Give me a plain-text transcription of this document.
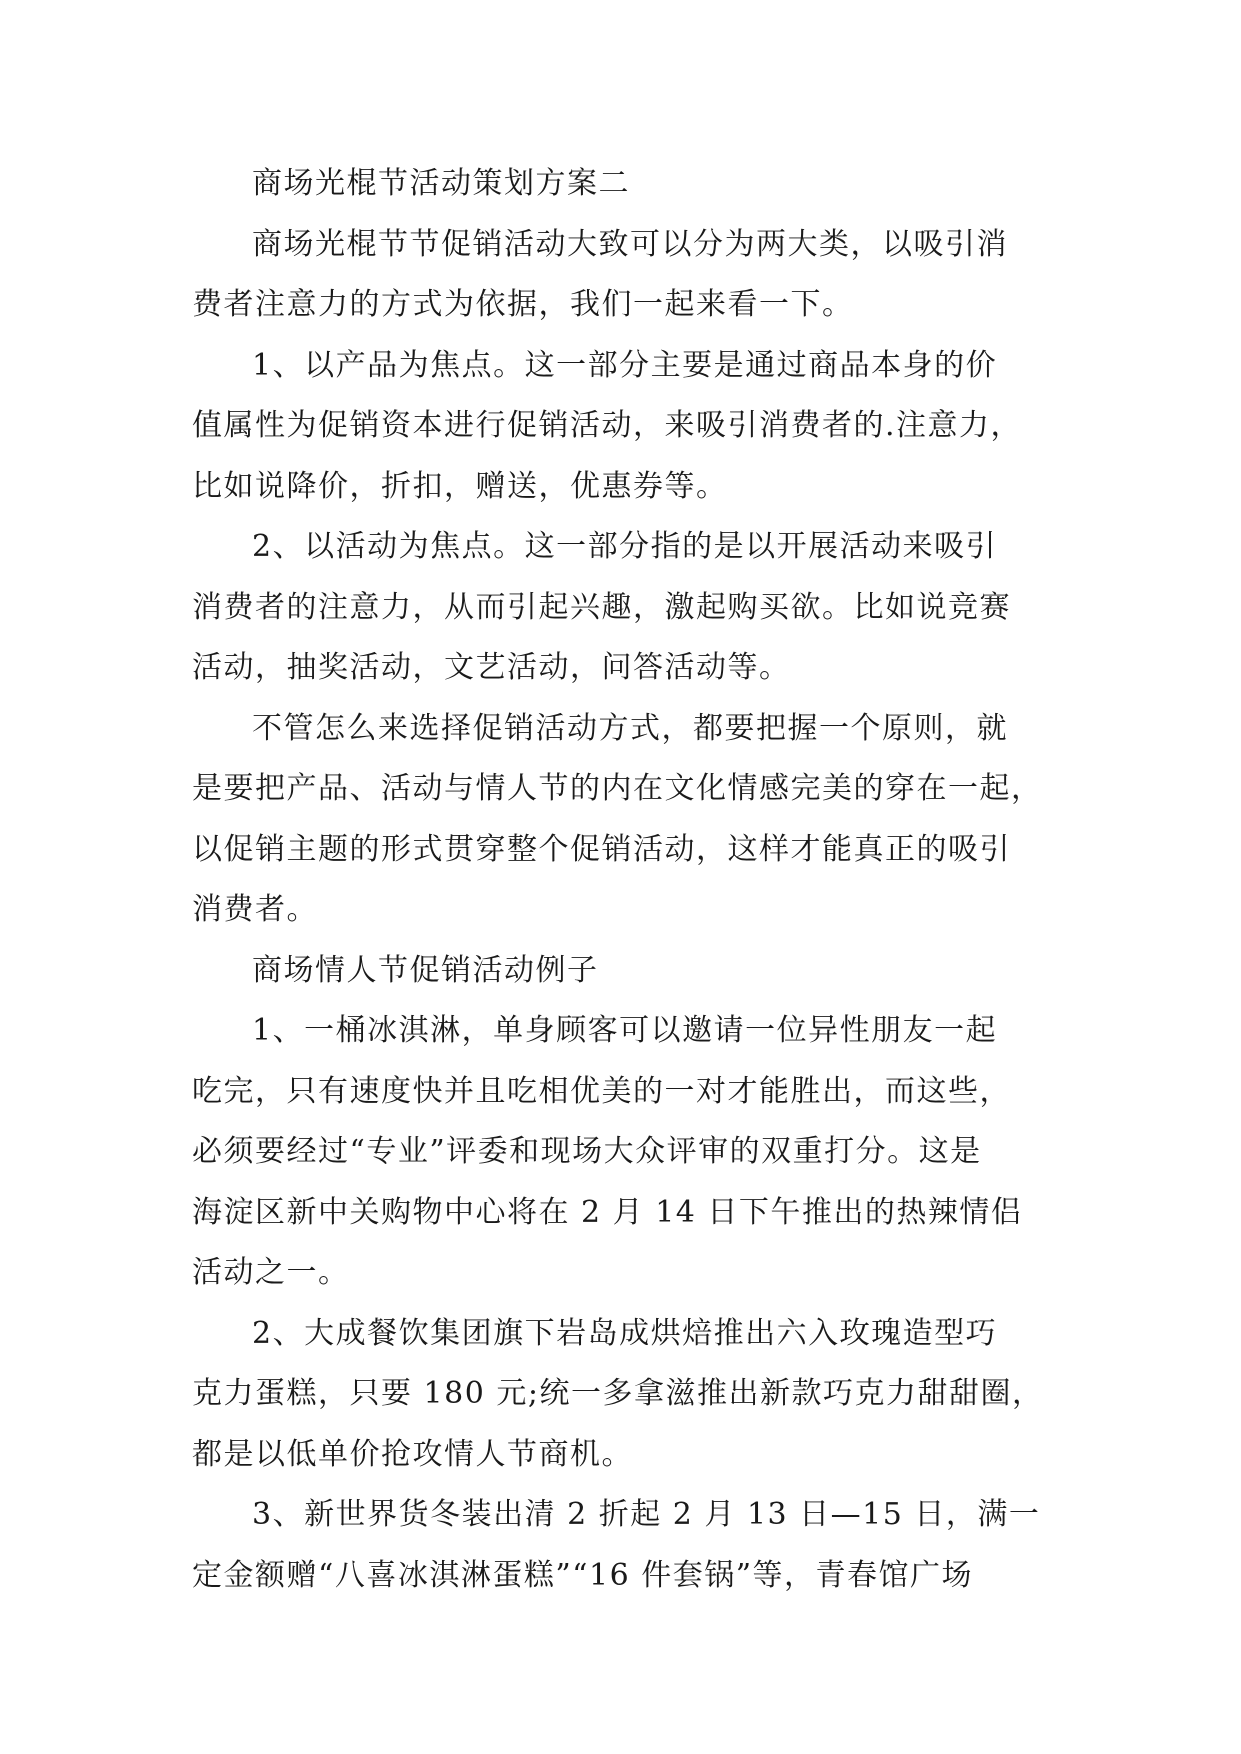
商场光棍节活动策划方案二

商场光棍节节促销活动大致可以分为两大类，以吸引消
费者注意力的方式为依据，我们一起来看一下。

1、以产品为焦点。这一部分主要是通过商品本身的价
值属性为促销资本进行促销活动，来吸引消费者的.注意力，
比如说降价，折扣，赠送，优惠券等。

2、以活动为焦点。这一部分指的是以开展活动来吸引
消费者的注意力，从而引起兴趣，激起购买欲。比如说竞赛
活动，抽奖活动，文艺活动，问答活动等。

不管怎么来选择促销活动方式，都要把握一个原则，就
是要把产品、活动与情人节的内在文化情感完美的穿在一起，
以促销主题的形式贯穿整个促销活动，这样才能真正的吸引
消费者。

商场情人节促销活动例子

1、一桶冰淇淋，单身顾客可以邀请一位异性朋友一起
吃完，只有速度快并且吃相优美的一对才能胜出，而这些，
必须要经过“专业”评委和现场大众评审的双重打分。这是
海淀区新中关购物中心将在 2 月 14 日下午推出的热辣情侣
活动之一。

2、大成餐饮集团旗下岩岛成烘焙推出六入玫瑰造型巧
克力蛋糕，只要 180 元;统一多拿滋推出新款巧克力甜甜圈，
都是以低单价抢攻情人节商机。

3、新世界货冬装出清 2 折起 2 月 13 日—15 日，满一
定金额赠“八喜冰淇淋蛋糕”“16 件套锅”等，青春馆广场
